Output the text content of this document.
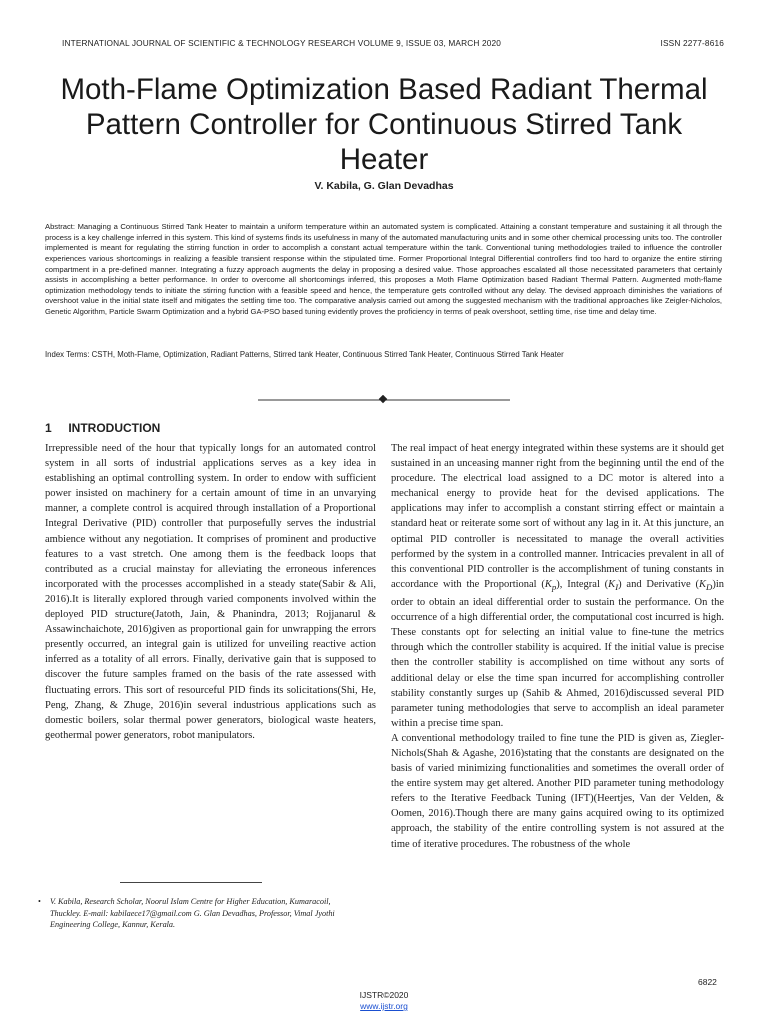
INTERNATIONAL JOURNAL OF SCIENTIFIC & TECHNOLOGY RESEARCH VOLUME 9, ISSUE 03, MARCH 2020	ISSN 2277-8616
Moth-Flame Optimization Based Radiant Thermal
Pattern Controller for Continuous Stirred Tank
Heater
V. Kabila, G. Glan Devadhas

Abstract: Managing a Continuous Stirred Tank Heater to maintain a uniform temperature within an automated system is complicated. Attaining a constant temperature and sustaining it all through the process is a key challenge inferred in this system. This kind of systems finds its usefulness in many of the automated manufacturing units and in some other chemical processing units too. The controller implemented is meant for regulating the stirring function in order to accomplish a constant actual temperature within the tank. Conventional tuning methodologies trailed to influence the controller experiences various shortcomings in realizing a feasible transient response within the stipulated time. Former Proportional Integral Differential controllers find too hard to organize the entire stirring compartment in a pre-defined manner. Integrating a fuzzy approach augments the delay in proposing a desired value. Those approaches escalated all those necessitated parameters that certainly assists in accomplishing a better performance. In order to overcome all shortcomings inferred, this proposes a Moth Flame Optimization based Radiant Thermal Pattern. Augmented moth-flame optimization methodology tends to initiate the stirring function with a feasible speed and hence, the temperature gets controlled without any delay. The devised approach diminishes the variations of overshoot value in the initial state itself and mitigates the settling time too. The comparative analysis carried out among the suggested mechanism with the traditional approaches like Zeigler-Nicholos, Genetic Algorithm, Particle Swarm Optimization and a hybrid GA-PSO based tuning evidently proves the proficiency in terms of peak overshoot, settling time, rise time and delay time.

Index Terms: CSTH, Moth-Flame, Optimization, Radiant Patterns, Stirred tank Heater, Continuous Stirred Tank Heater, Continuous Stirred Tank Heater

1 INTRODUCTION

Irrepressible need of the hour that typically longs for an automated control system in all sorts of industrial applications serves as a key idea in establishing an optimal controlling system. In order to endow with sufficient power insisted on machinery for a certain amount of time in an unvarying manner, a complete control is acquired through installation of a Proportional Integral Derivative (PID) controller that purposefully serves the industrial ambience without any negotiation. It comprises of prominent and productive features to a vast stretch. One among them is the feedback loops that contributed as a crucial mainstay for alleviating the erroneous inferences incorporated with the processes accomplished in a steady state(Sabir & Ali, 2016).It is literally explored through varied components involved within the deployed PID structure(Jatoth, Jain, & Phanindra, 2013; Rojjanarul & Assawinchaichote, 2016)given as proportional gain for unwrapping the errors presently occurred, an integral gain is utilized for unveiling reactive action inferred as a totality of all errors. Finally, derivative gain that is supposed to discover the future samples framed on the basis of the rate assessed with fluctuating errors. This sort of resourceful PID finds its solicitations(Shi, He, Peng, Zhang, & Zhuge, 2016)in several industrious applications such as domestic boilers, solar thermal power generators, biological waste heaters, geothermal power generators, robot manipulators.

The real impact of heat energy integrated within these systems are it should get sustained in an unceasing manner right from the beginning until the end of the procedure. The electrical load assigned to a DC motor is altered into a mechanical energy to provide heat for the devised applications. The applications may infer to accomplish a constant stirring effect or maintain a standard heat or reiterate some sort of without any lag in it. At this juncture, an optimal PID controller is necessitated to manage the overall activities performed by the system in a controlled manner. Intricacies prevalent in all of this conventional PID controller is the accomplishment of tuning constants in accordance with the Proportional $(K_p)$, Integral $(K_I)$ and Derivative $(K_D)in$ order to obtain an ideal differential order to sustain the performance. On the occurrence of a high differential order, the computational cost incurred is high. These constants opt for selecting an initial value to fine-tune the metrics through which the controller stability is acquired. If the initial value is precise then the controller stability is accomplished on time without any sorts of additional delay or else the time span incurred for accomplishing controller stability constantly surges up (Sahib & Ahmed, 2016)discussed several PID parameter tuning methodologies that serve to accomplish an ideal parameter within a precise time span.

A conventional methodology trailed to fine tune the PID is given as, Ziegler-Nichols(Shah & Agashe, 2016)stating that the constants are designated on the basis of varied minimizing functionalities and sometimes the overall order of the entire system may get altered. Another PID parameter tuning methodology refers to the Iterative Feedback Tuning (IFT)(Heertjes, Van der Velden, & Oomen, 2016).Though there are many gains acquired owing to its optimized approach, the stability of the entire controlling system is not assured at the time of iterative procedures. The robustness of the whole

• V. Kabila, Research Scholar, Noorul Islam Centre for Higher Education, Kumaracoil, Thuckley. E-mail: kabilaece17@gmail.com G. Glan Devadhas, Professor, Vimal Jyothi Engineering College, Kannur, Kerala.
6822
IJSTR©2020
www.ijstr.org
